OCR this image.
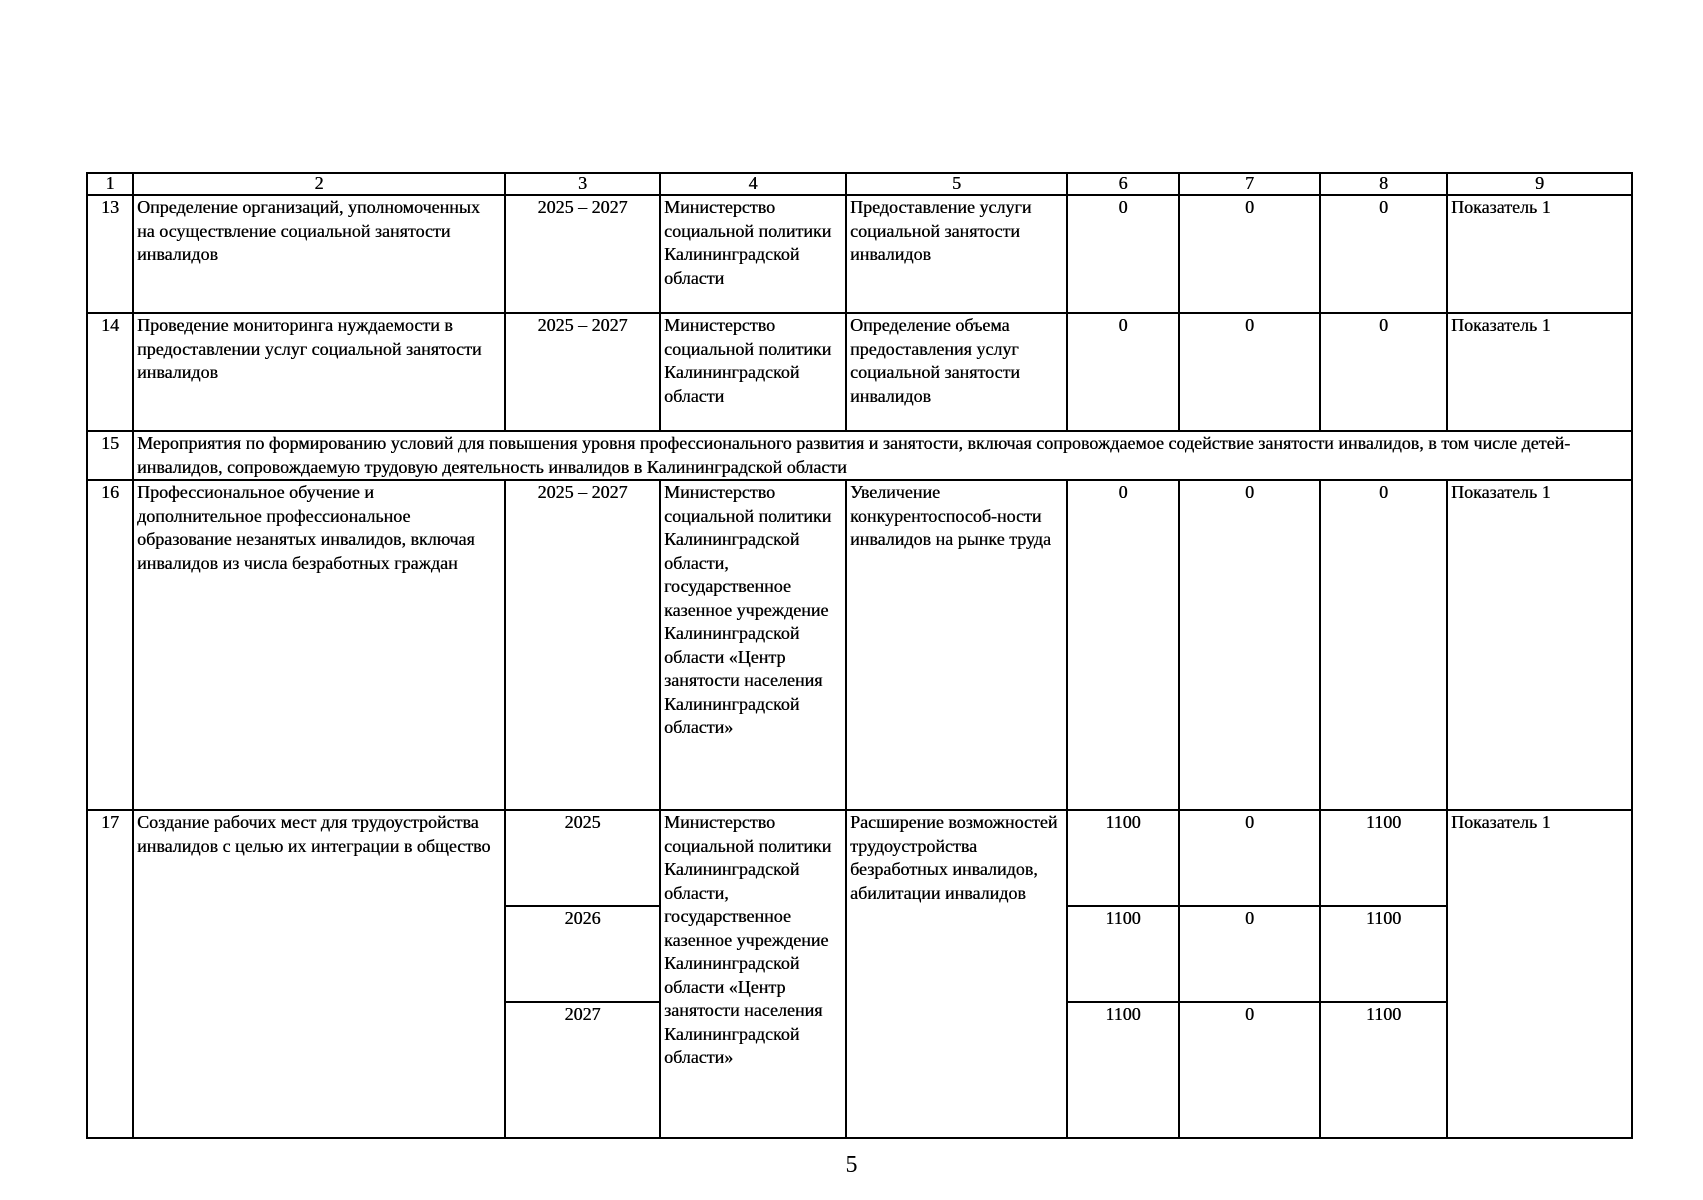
1	2	3	4	5	6	7	8	9
13	Определение организаций, уполномоченных на осуществление социальной занятости инвалидов	2025 – 2027	Министерство социальной политики Калининградской области	Предоставление услуги социальной занятости инвалидов	0	0	0	Показатель 1
14	Проведение мониторинга нуждаемости в предоставлении услуг социальной занятости инвалидов	2025 – 2027	Министерство социальной политики Калининградской области	Определение объема предоставления услуг социальной занятости инвалидов	0	0	0	Показатель 1
15	Мероприятия по формированию условий для повышения уровня профессионального развития и занятости, включая сопровождаемое содействие занятости инвалидов, в том числе детей-инвалидов, сопровождаемую трудовую деятельность инвалидов в Калининградской области							
16	Профессиональное обучение и дополнительное профессиональное образование незанятых инвалидов, включая инвалидов из числа безработных граждан	2025 – 2027	Министерство социальной политики Калининградской области, государственное казенное учреждение Калининградской области «Центр занятости населения Калининградской области»	Увеличение конкурентоспособ-ности инвалидов на рынке труда	0	0	0	Показатель 1
17	Создание рабочих мест для трудоустройства инвалидов с целью их интеграции в общество	2025	Министерство социальной политики Калининградской области, государственное казенное учреждение Калининградской области «Центр занятости населения Калининградской области»	Расширение возможностей трудоустройства безработных инвалидов, абилитации инвалидов	1100	0	1100	Показатель 1
		2026			1100	0	1100	
		2027			1100	0	1100	
5
